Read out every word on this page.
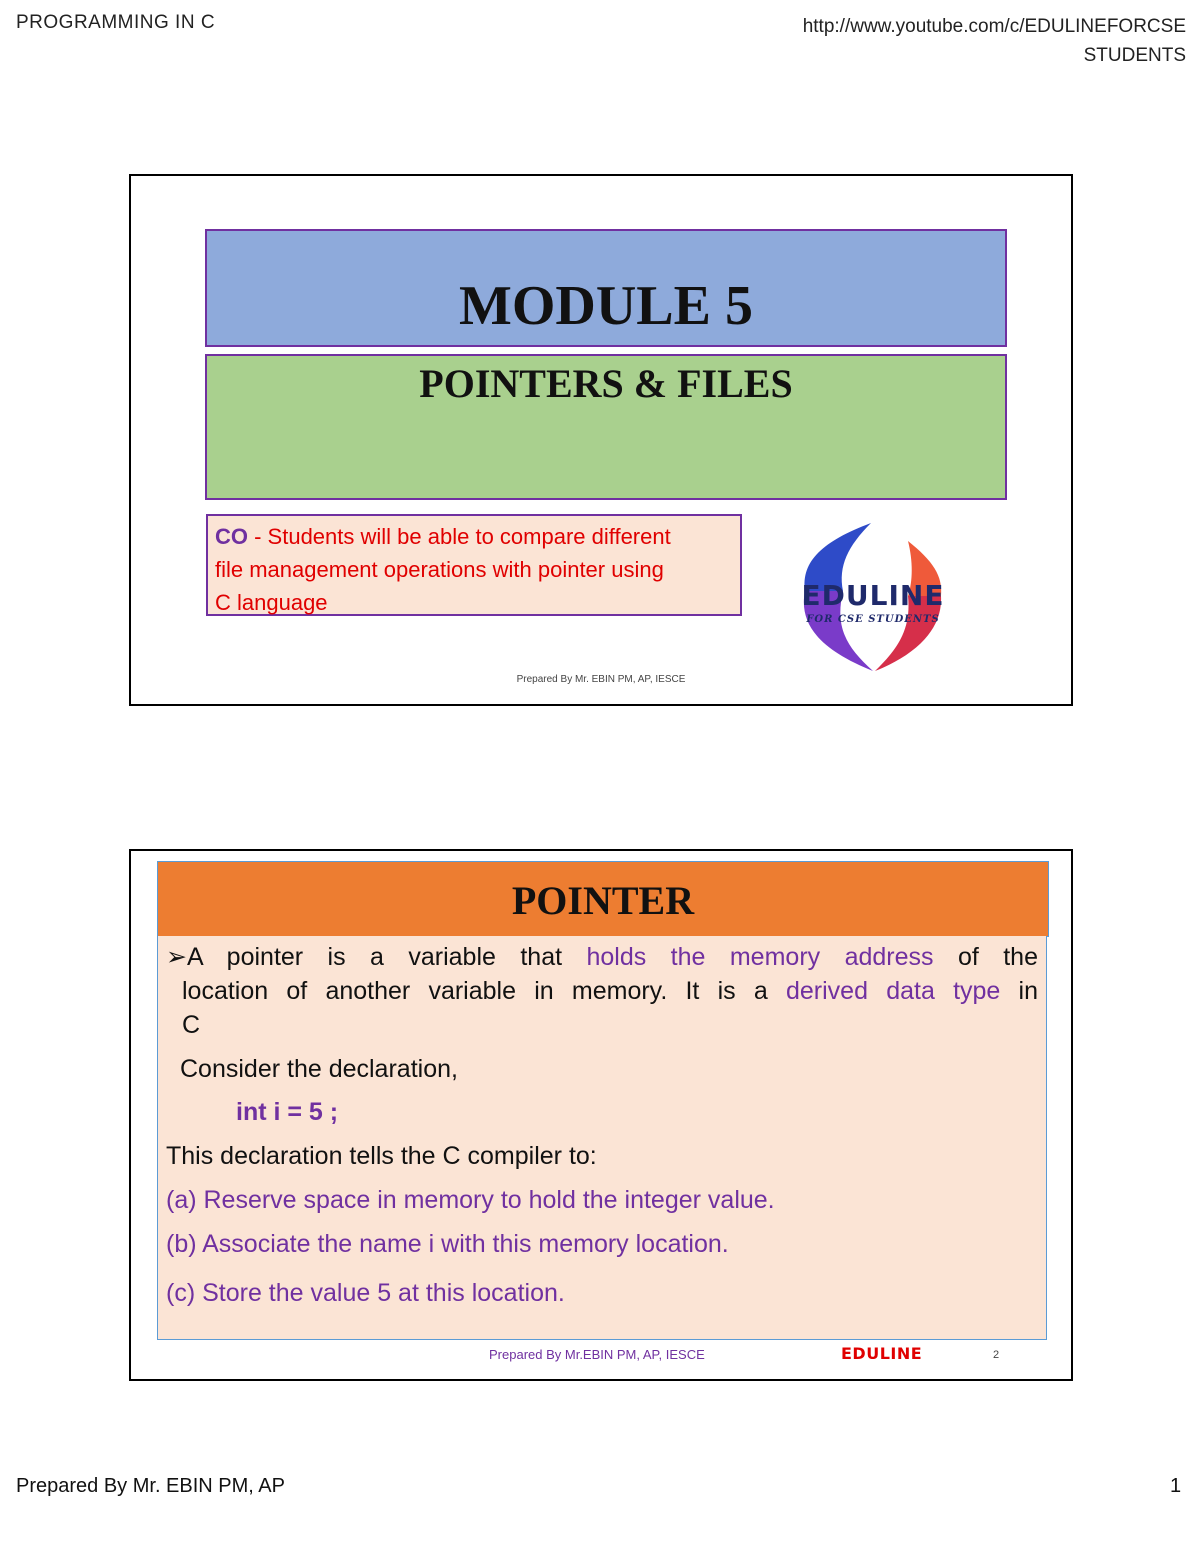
PROGRAMMING IN C	http://www.youtube.com/c/EDULINEFORCSE
STUDENTS
MODULE 5
POINTERS & FILES
CO - Students will be able to compare different
file management operations with pointer using
C language	EDULINE
FOR CSE STUDENTS
Prepared By Mr. EBIN PM, AP, IESCE
POINTER
➢A pointer is a variable that holds the memory address of the
location of another variable in memory. It is a derived data type in
C
Consider the declaration,
int i = 5 ;
This declaration tells the C compiler to:
(a) Reserve space in memory to hold the integer value.
(b) Associate the name i with this memory location.
(c) Store the value 5 at this location.
Prepared By Mr.EBIN PM, AP, IESCE	EDULINE	2
Prepared By Mr. EBIN PM, AP	1
